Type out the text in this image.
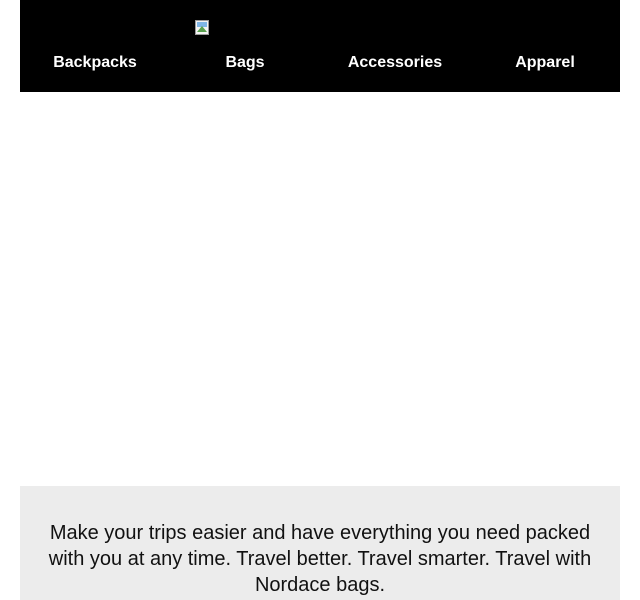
Backpacks	Bags	Accessories	Apparel

Make your trips easier and have everything you need packed with you at any time. Travel better. Travel smarter. Travel with Nordace bags.
